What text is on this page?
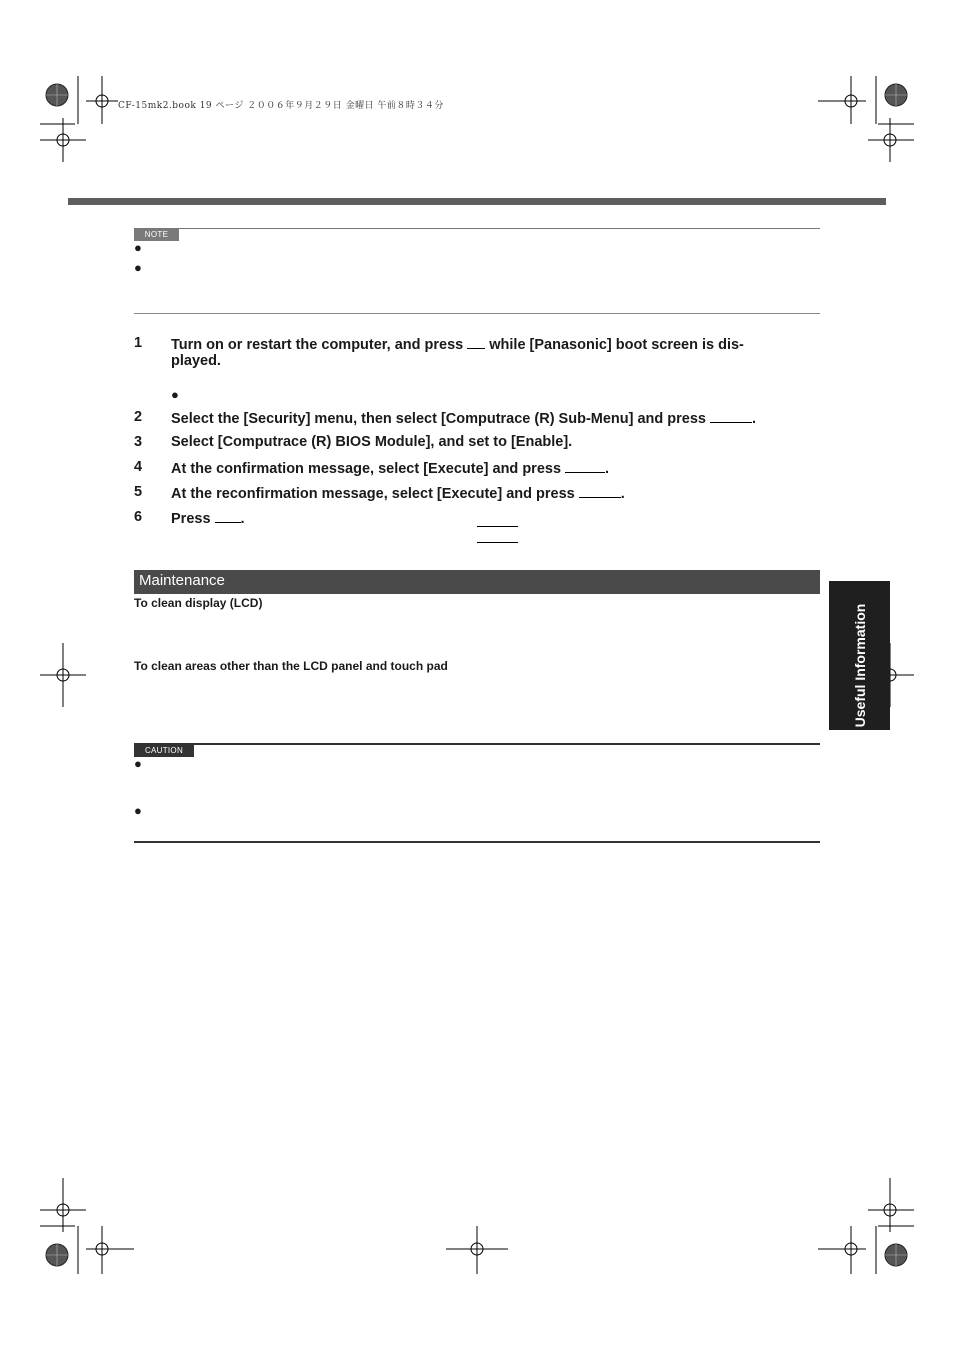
CF-15mk2.book 19 ページ ２００６年９月２９日 金曜日 午前８時３４分
NOTE
●
●
1 Turn on or restart the computer, and press while [Panasonic] boot screen is dis-
played.
●
2 Select the [Security] menu, then select [Computrace (R) Sub-Menu] and press	.
3 Select [Computrace (R) BIOS Module], and set to [Enable].
4 At the confirmation message, select [Execute] and press	.
5 At the reconfirmation message, select [Execute] and press	.
6 Press .
Maintenance
To clean display (LCD)
To clean areas other than the LCD panel and touch pad
CAUTION
●
●
Useful Information
